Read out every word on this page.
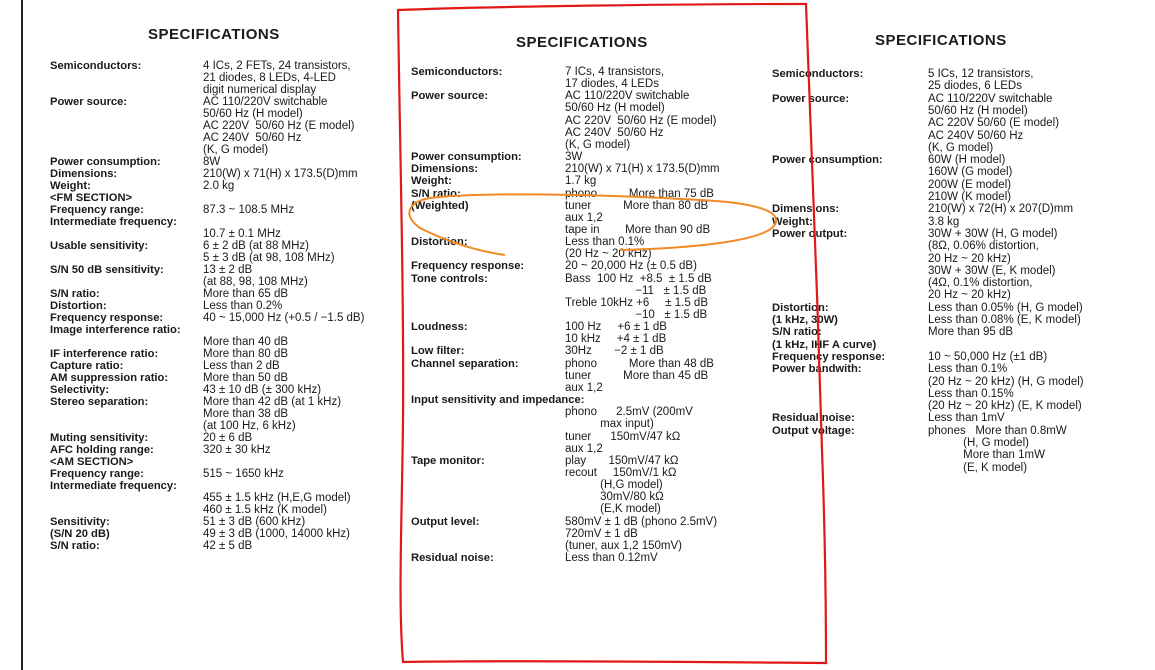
SPECIFICATIONS
Semiconductors:	4 ICs, 2 FETs, 24 transistors,
21 diodes, 8 LEDs, 4-LED
digit numerical display
Power source:	AC 110/220V switchable
50/60 Hz (H model)
AC 220V  50/60 Hz (E model)
AC 240V  50/60 Hz
(K, G model)
Power consumption:	8W
Dimensions:	210(W) x 71(H) x 173.5(D)mm
Weight:	2.0 kg
<FM SECTION>
Frequency range:	87.3 ~ 108.5 MHz
Intermediate frequency:
10.7 ± 0.1 MHz
Usable sensitivity:	6 ± 2 dB (at 88 MHz)
5 ± 3 dB (at 98, 108 MHz)
S/N 50 dB sensitivity:	13 ± 2 dB
(at 88, 98, 108 MHz)
S/N ratio:	More than 65 dB
Distortion:	Less than 0.2%
Frequency response:	40 ~ 15,000 Hz (+0.5 / −1.5 dB)
Image interference ratio:
More than 40 dB
IF interference ratio:	More than 80 dB
Capture ratio:	Less than 2 dB
AM suppression ratio:	More than 50 dB
Selectivity:	43 ± 10 dB (± 300 kHz)
Stereo separation:	More than 42 dB (at 1 kHz)
More than 38 dB
(at 100 Hz, 6 kHz)
Muting sensitivity:	20 ± 6 dB
AFC holding range:	320 ± 30 kHz
<AM SECTION>
Frequency range:	515 ~ 1650 kHz
Intermediate frequency:
455 ± 1.5 kHz (H,E,G model)
460 ± 1.5 kHz (K model)
Sensitivity:	51 ± 3 dB (600 kHz)
(S/N 20 dB)	49 ± 3 dB (1000, 14000 kHz)
S/N ratio:	42 ± 5 dB
SPECIFICATIONS
Semiconductors:	7 ICs, 4 transistors,
17 diodes, 4 LEDs
Power source:	AC 110/220V switchable
50/60 Hz (H model)
AC 220V  50/60 Hz (E model)
AC 240V  50/60 Hz
(K, G model)
Power consumption:	3W
Dimensions:	210(W) x 71(H) x 173.5(D)mm
Weight:	1.7 kg
S/N ratio:	phono          More than 75 dB
(Weighted)	tuner          More than 80 dB
aux 1,2
tape in        More than 90 dB
Distortion:	Less than 0.1%
(20 Hz ~ 20 kHz)
Frequency response:	20 ~ 20,000 Hz (± 0.5 dB)
Tone controls:	Bass  100 Hz  +8.5  ± 1.5 dB
−11   ± 1.5 dB
Treble 10kHz +6     ± 1.5 dB
−10   ± 1.5 dB
Loudness:	100 Hz     +6 ± 1 dB
10 kHz     +4 ± 1 dB
Low filter:	30Hz       −2 ± 1 dB
Channel separation:	phono          More than 48 dB
tuner          More than 45 dB
aux 1,2
Input sensitivity and impedance:
phono      2.5mV (200mV
max input)
tuner      150mV/47 kΩ
aux 1,2
Tape monitor:	play       150mV/47 kΩ
recout     150mV/1 kΩ
(H,G model)
30mV/80 kΩ
(E,K model)
Output level:	580mV ± 1 dB (phono 2.5mV)
720mV ± 1 dB
(tuner, aux 1,2 150mV)
Residual noise:	Less than 0.12mV
SPECIFICATIONS
Semiconductors:	5 ICs, 12 transistors,
25 diodes, 6 LEDs
Power source:	AC 110/220V switchable
50/60 Hz (H model)
AC 220V 50/60 (E model)
AC 240V 50/60 Hz
(K, G model)
Power consumption:	60W (H model)
160W (G model)
200W (E model)
210W (K model)
Dimensions:	210(W) x 72(H) x 207(D)mm
Weight:	3.8 kg
Power output:	30W + 30W (H, G model)
(8Ω, 0.06% distortion,
20 Hz ~ 20 kHz)
30W + 30W (E, K model)
(4Ω, 0.1% distortion,
20 Hz ~ 20 kHz)
Distortion:	Less than 0.05% (H, G model)
(1 kHz, 30W)	Less than 0.08% (E, K model)
S/N ratio:	More than 95 dB
(1 kHz, IHF A curve)
Frequency response:	10 ~ 50,000 Hz (±1 dB)
Power bandwith:	Less than 0.1%
(20 Hz ~ 20 kHz) (H, G model)
Less than 0.15%
(20 Hz ~ 20 kHz) (E, K model)
Residual noise:	Less than 1mV
Output voltage:	phones   More than 0.8mW
(H, G model)
More than 1mW
(E, K model)
